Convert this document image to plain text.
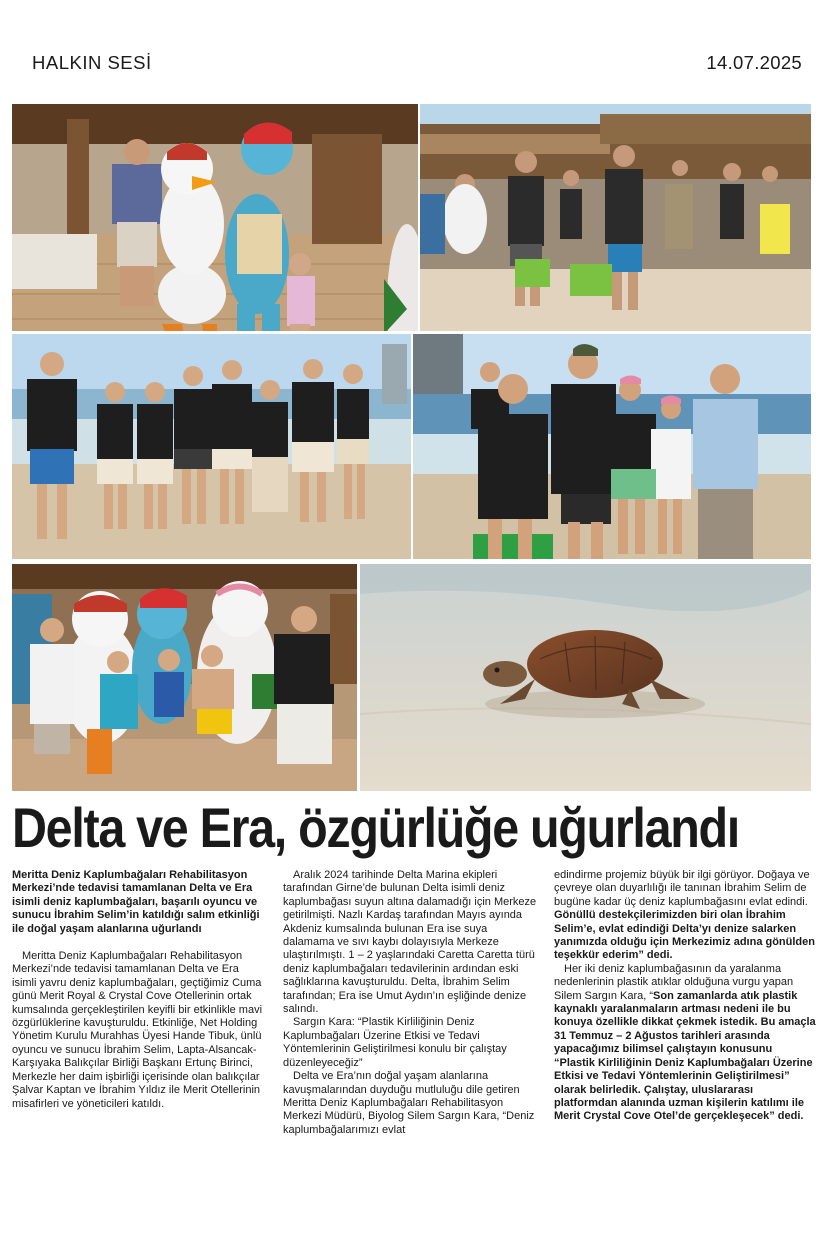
HALKIN SESİ	14.07.2025
Delta ve Era, özgürlüğe uğurlandı

Meritta Deniz Kaplumbağaları Rehabilitasyon Merkezi’nde tedavisi tamamlanan Delta ve Era isimli deniz kaplumbağaları, başarılı oyuncu ve sunucu İbrahim Selim’in katıldığı salım etkinliği ile doğal yaşam alanlarına uğurlandı

Meritta Deniz Kaplumbağaları Rehabilitasyon Merkezi’nde tedavisi tamamlanan Delta ve Era isimli yavru deniz kaplumbağaları, geçtiğimiz Cuma günü Merit Royal & Crystal Cove Otellerinin ortak kumsalında gerçekleştirilen keyifli bir etkinlikle mavi özgürlüklerine kavuşturuldu. Etkinliğe, Net Holding Yönetim Kurulu Murahhas Üyesi Hande Tibuk, ünlü oyuncu ve sunucu İbrahim Selim, Lapta-Alsancak-Karşıyaka Balıkçılar Birliği Başkanı Ertunç Birinci, Merkezle her daim işbirliği içerisinde olan balıkçılar Şalvar Kaptan ve İbrahim Yıldız ile Merit Otellerinin misafirleri ve yöneticileri katıldı.

Aralık 2024 tarihinde Delta Marina ekipleri tarafından Girne’de bulunan Delta isimli deniz kaplumbağası suyun altına dalamadığı için Merkeze getirilmişti. Nazlı Kardaş tarafından Mayıs ayında Akdeniz kumsalında bulunan Era ise suya dalamama ve sıvı kaybı dolayısıyla Merkeze ulaştırılmıştı. 1 – 2 yaşlarındaki Caretta Caretta türü deniz kaplumbağaları tedavilerinin ardından eski sağlıklarına kavuşturuldu. Delta, İbrahim Selim tarafından; Era ise Umut Aydın’ın eşliğinde denize salındı.

Sargın Kara: “Plastik Kirliliğinin Deniz Kaplumbağaları Üzerine Etkisi ve Tedavi Yöntemlerinin Geliştirilmesi konulu bir çalıştay düzenleyeceğiz”

Delta ve Era’nın doğal yaşam alanlarına kavuşmalarından duyduğu mutluluğu dile getiren Meritta Deniz Kaplumbağaları Rehabilitasyon Merkezi Müdürü, Biyolog Silem Sargın Kara, “Deniz kaplumbağalarımızı evlat

edindirme projemiz büyük bir ilgi görüyor. Doğaya ve çevreye olan duyarlılığı ile tanınan İbrahim Selim de bugüne kadar üç deniz kaplumbağasını evlat edindi. Gönüllü destekçilerimizden biri olan İbrahim Selim’e, evlat edindiği Delta’yı denize salarken yanımızda olduğu için Merkezimiz adına gönülden teşekkür ederim” dedi.

Her iki deniz kaplumbağasının da yaralanma nedenlerinin plastik atıklar olduğuna vurgu yapan Silem Sargın Kara, “Son zamanlarda atık plastik kaynaklı yaralanmaların artması nedeni ile bu konuya özellikle dikkat çekmek istedik. Bu amaçla 31 Temmuz – 2 Ağustos tarihleri arasında yapacağımız bilimsel çalıştayın konusunu “Plastik Kirliliğinin Deniz Kaplumbağaları Üzerine Etkisi ve Tedavi Yöntemlerinin Geliştirilmesi” olarak belirledik. Çalıştay, uluslararası platformdan alanında uzman kişilerin katılımı ile Merit Crystal Cove Otel’de gerçekleşecek” dedi.
